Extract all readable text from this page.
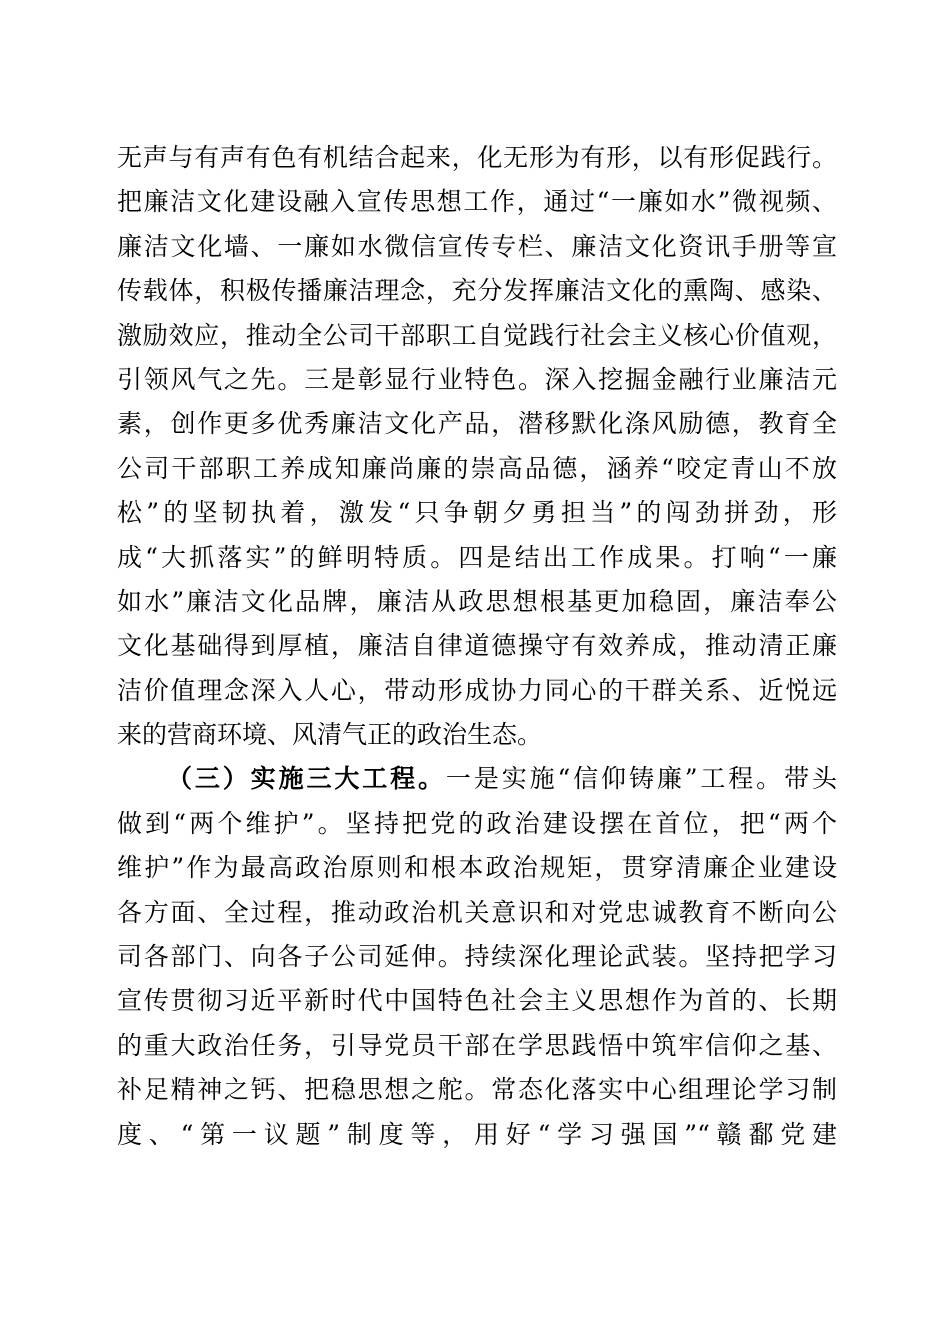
无声与有声有色有机结合起来，化无形为有形，以有形促践行。
把廉洁文化建设融入宣传思想工作，通过“一廉如水”微视频、
廉洁文化墙、一廉如水微信宣传专栏、廉洁文化资讯手册等宣
传载体，积极传播廉洁理念，充分发挥廉洁文化的熏陶、感染、
激励效应，推动全公司干部职工自觉践行社会主义核心价值观，
引领风气之先。三是彰显行业特色。深入挖掘金融行业廉洁元
素，创作更多优秀廉洁文化产品，潜移默化涤风励德，教育全
公司干部职工养成知廉尚廉的崇高品德，涵养“咬定青山不放
松”的坚韧执着，激发“只争朝夕勇担当”的闯劲拼劲，形
成“大抓落实”的鲜明特质。四是结出工作成果。打响“一廉
如水”廉洁文化品牌，廉洁从政思想根基更加稳固，廉洁奉公
文化基础得到厚植，廉洁自律道德操守有效养成，推动清正廉
洁价值理念深入人心，带动形成协力同心的干群关系、近悦远
来的营商环境、风清气正的政治生态。
（三）实施三大工程。一是实施“信仰铸廉”工程。带头
做到“两个维护”。坚持把党的政治建设摆在首位，把“两个
维护”作为最高政治原则和根本政治规矩，贯穿清廉企业建设
各方面、全过程，推动政治机关意识和对党忠诚教育不断向公
司各部门、向各子公司延伸。持续深化理论武装。坚持把学习
宣传贯彻习近平新时代中国特色社会主义思想作为首的、长期
的重大政治任务，引导党员干部在学思践悟中筑牢信仰之基、
补足精神之钙、把稳思想之舵。常态化落实中心组理论学习制
度、“第一议题”制度等，用好“学习强国”“赣鄱党建
